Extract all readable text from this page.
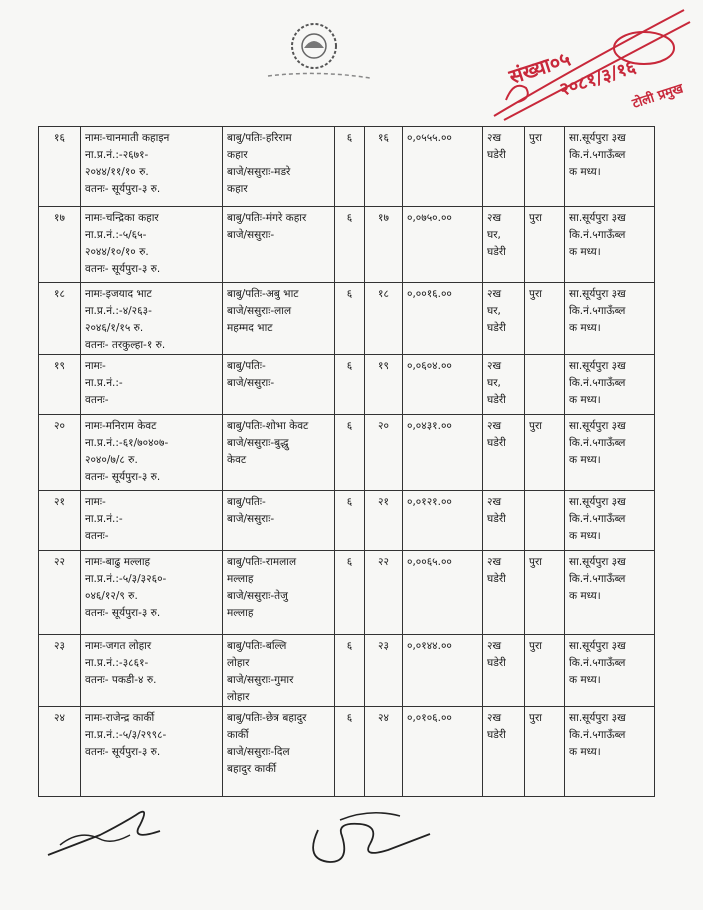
संख्या०५
२०८१/३/१६
टोली प्रमुख
१६	नामः-चानमाती कहाइन
ना.प्र.नं.:-२६७१-
२०४४/११/१० रु.
वतनः- सूर्यपुरा-३ रु.	बाबु/पतिः-हरिराम
कहार
बाजे/ससुराः-मडरे
कहार	६	१६	०,०५५५.००	२ख
घडेरी	पुरा	सा.सूर्यपुरा ३ख
कि.नं.५गाऊँब्ल
क मध्य।

१७	नामः-चन्द्रिका कहार
ना.प्र.नं.:-५/६५-
२०४४/१०/१० रु.
वतनः- सूर्यपुरा-३ रु.	बाबु/पतिः-मंगरे कहार
बाजे/ससुराः-	६	१७	०,०७५०.००	२ख
घर,
घडेरी	पुरा	सा.सूर्यपुरा ३ख
कि.नं.५गाऊँब्ल
क मध्य।

१८	नामः-इजयाद भाट
ना.प्र.नं.:-४/२६३-
२०४६/१/१५ रु.
वतनः- तरकुल्हा-१ रु.	बाबु/पतिः-अबु भाट
बाजे/ससुराः-लाल
महम्मद भाट	६	१८	०,००१६.००	२ख
घर,
घडेरी	पुरा	सा.सूर्यपुरा ३ख
कि.नं.५गाऊँब्ल
क मध्य।

१९	नामः-
ना.प्र.नं.:-
वतनः-	बाबु/पतिः-
बाजे/ससुराः-	६	१९	०,०६०४.००	२ख
घर,
घडेरी		सा.सूर्यपुरा ३ख
कि.नं.५गाऊँब्ल
क मध्य।

२०	नामः-मनिराम केवट
ना.प्र.नं.:-६१/७०४०७-
२०४०/७/८ रु.
वतनः- सूर्यपुरा-३ रु.	बाबु/पतिः-शोभा केवट
बाजे/ससुराः-बुद्धु
केवट	६	२०	०,०४३१.००	२ख
घडेरी	पुरा	सा.सूर्यपुरा ३ख
कि.नं.५गाऊँब्ल
क मध्य।

२१	नामः-
ना.प्र.नं.:-
वतनः-	बाबु/पतिः-
बाजे/ससुराः-	६	२१	०,०१२१.००	२ख
घडेरी		सा.सूर्यपुरा ३ख
कि.नं.५गाऊँब्ल
क मध्य।

२२	नामः-बाढु मल्लाह
ना.प्र.नं.:-५/३/३२६०-
०४६/१२/९ रु.
वतनः- सूर्यपुरा-३ रु.	बाबु/पतिः-रामलाल
मल्लाह
बाजे/ससुराः-तेजु
मल्लाह	६	२२	०,००६५.००	२ख
घडेरी	पुरा	सा.सूर्यपुरा ३ख
कि.नं.५गाऊँब्ल
क मध्य।

२३	नामः-जगत लोहार
ना.प्र.नं.:-३८६१-
वतनः- पकडी-४ रु.	बाबु/पतिः-बल्लि
लोहार
बाजे/ससुराः-गुमार
लोहार	६	२३	०,०१४४.००	२ख
घडेरी	पुरा	सा.सूर्यपुरा ३ख
कि.नं.५गाऊँब्ल
क मध्य।

२४	नामः-राजेन्द्र कार्की
ना.प्र.नं.:-५/३/२९९८-
वतनः- सूर्यपुरा-३ रु.	बाबु/पतिः-छेत्र बहादुर
कार्की
बाजे/ससुराः-दिल
बहादुर कार्की	६	२४	०,०१०६.००	२ख
घडेरी	पुरा	सा.सूर्यपुरा ३ख
कि.नं.५गाऊँब्ल
क मध्य।
